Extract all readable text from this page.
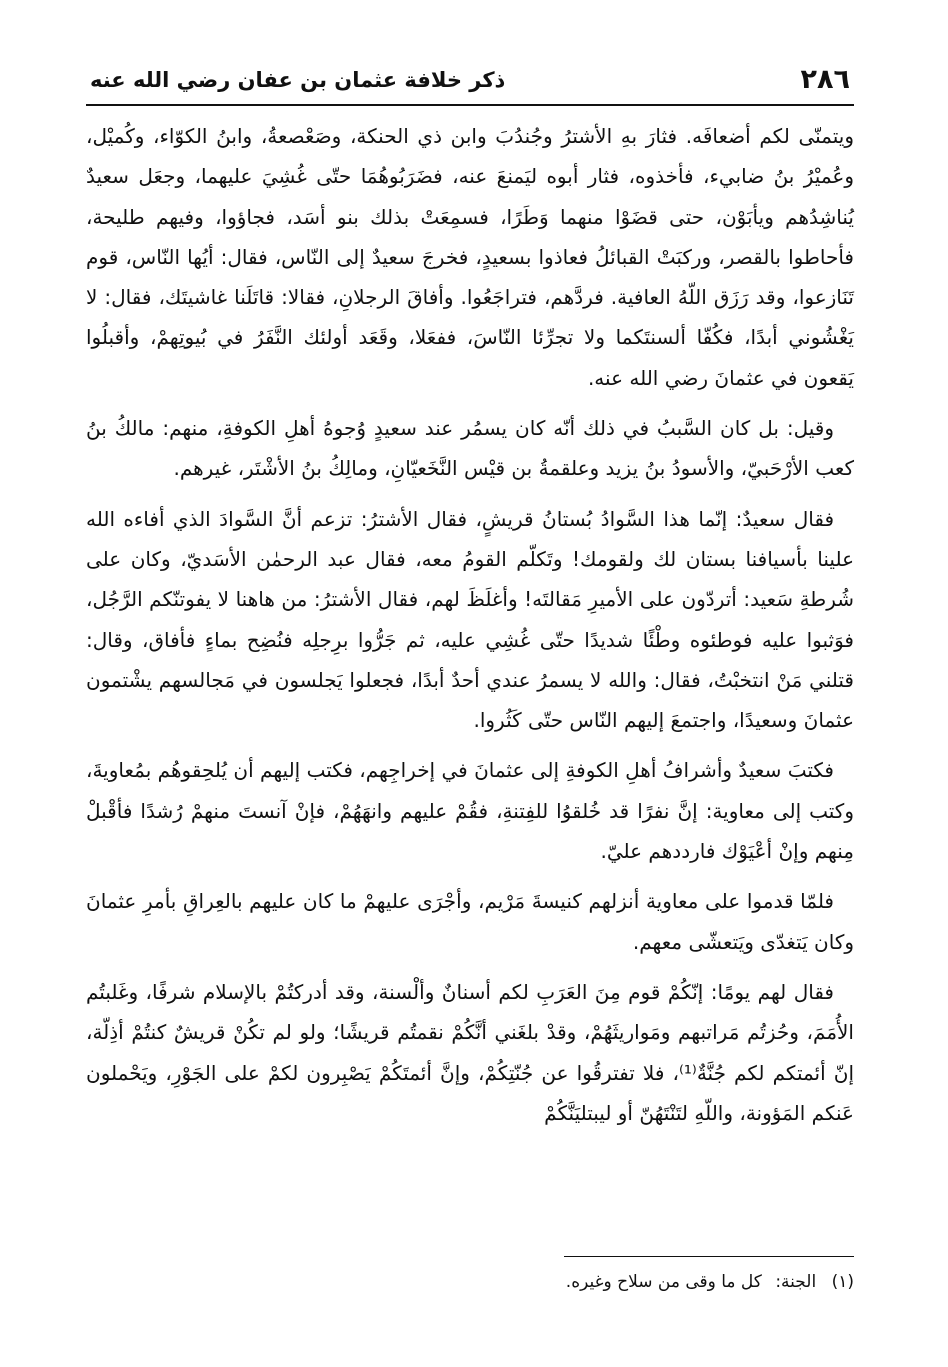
٢٨٦
ذكر خلافة عثمان بن عفان رضي الله عنه

ويتمنّى لكم أضعافَه. فثارَ بهِ الأشترُ وجُندُبَ وابن ذي الحنكة، وصَعْصعةُ، وابنُ الكوّاء، وكُميْل، وعُميْرُ بنُ ضابيء، فأخذوه، فثار أبوه ليَمنعَ عنه، فضَرَبُوهُمَا حتّى غُشِيَ عليهما، وجعَل سعيدٌ يُناشِدُهم ويأبَوْن، حتى قضَوْا منهما وَطَرًا، فسمِعَتْ بذلك بنو أسَد، فجاؤوا، وفيهم طليحة، فأحاطوا بالقصر، وركبَتْ القبائلُ فعاذوا بسعيدٍ، فخرجَ سعيدٌ إلى النّاس، فقال: أيُها النّاس، قوم تَنَازعوا، وقد رَزَق اللّهُ العافية. فردَّهم، فتراجَعُوا. وأفاقَ الرجلانِ، فقالا: قاتَلَنا غاشيتَك، فقال: لا يَغْشُوني أبدًا، فكُفّا ألسنتَكما ولا تجرِّئا النّاسَ، ففعَلا، وقَعَد أولئك النَّفَرُ في بُيوتِهمْ، وأقبلُوا يَقعون في عثمانَ رضي الله عنه.

وقيل: بل كان السَّببُ في ذلك أنّه كان يسمُر عند سعيدٍ وُجوهُ أهلِ الكوفةِ، منهم: مالكُ بنُ كعب الأرْحَبيّ، والأسودُ بنُ يزيد وعلقمةُ بن قيْس النَّخَعيّانِ، ومالِكُ بنُ الأشْتَر، غيرهم.

فقال سعيدٌ: إنّما هذا السَّوادُ بُستانُ قريشٍ، فقال الأشترُ: تزعم أنَّ السَّوادَ الذي أفاءه الله علينا بأسيافنا بستان لك ولقومك! وتَكلّم القومُ معه، فقال عبد الرحمٰن الأسَديّ، وكان على شُرطةِ سَعيد: أتردّون على الأميرِ مَقالتَه! وأغلَظَ لهم، فقال الأشترُ: من هاهنا لا يفوتنّكم الرَّجُل، فوَثبوا عليه فوطئوه وطْئًا شديدًا حتّى غُشِي عليه، ثم جَرُّوا برِجلِه فنُضِح بماءٍ فأفاق، وقال: قتلني مَنْ انتخبْتُ، فقال: والله لا يسمرُ عندي أحدٌ أبدًا، فجعلوا يَجلسون في مَجالسهم يشْتمون عثمانَ وسعيدًا، واجتمعَ إليهم النّاس حتّى كَثُروا.

فكتبَ سعيدٌ وأشرافُ أهلِ الكوفةِ إلى عثمانَ في إخراجِهم، فكتب إليهم أن يُلحِقوهُم بمُعاويةَ، وكتب إلى معاوية: إنَّ نفرًا قد خُلقوُا للفِتنةِ، فقُمْ عليهم وانهَهُمْ، فإنْ آنستَ منهمْ رُشدًا فأقْبلْ مِنهم وإنْ أعْيَوْك فارددهم عليّ.

فلمّا قدموا على معاوية أنزلهم كنيسةَ مَرْيم، وأجْرَى عليهمْ ما كان عليهم بالعِراقِ بأمرِ عثمانَ وكان يَتغدّى ويَتعشّى معهم.

فقال لهم يومًا: إنّكُمْ قوم مِنَ العَرَبِ لكم أسنانٌ وألْسنة، وقد أدركتُمْ بالإسلام شرفًا، وغَلبتُم الأُمَمَ، وحُزتُم مَراتبهم ومَواريثَهُمْ، وقدْ بلغَني أنَّكُمْ نقمتُم قريشًا؛ ولو لم تكُنْ قريشٌ كنتُمْ أذِلّة، إنّ أئمتكم لكم جُنَّةٌ⁽¹⁾، فلا تفترقُوا عن جُنّتِكُمْ، وإنَّ أئمتَكُمْ يَصْبِرون لكمْ على الجَوْرِ، ويَحْملون عَنكم المَؤونة، واللّهِ لتَنْتَهُنّ أو ليبتليَنَّكُمْ

(١) الجنة: كل ما وقى من سلاح وغيره.
